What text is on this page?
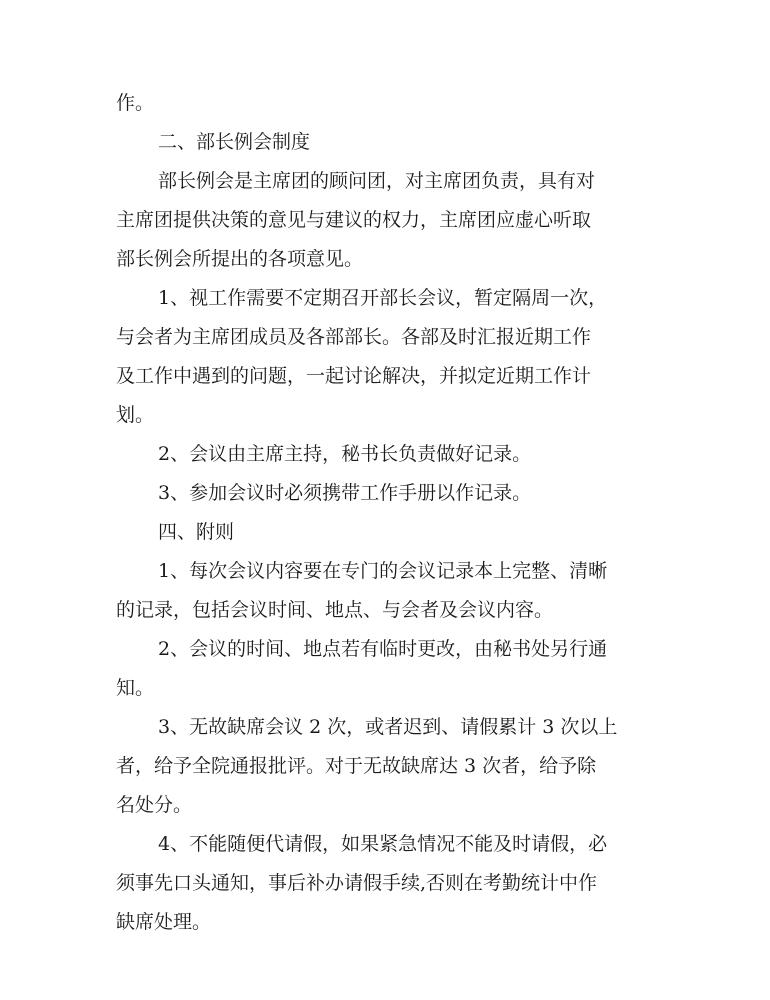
作。
二、部长例会制度
部长例会是主席团的顾问团，对主席团负责，具有对
主席团提供决策的意见与建议的权力，主席团应虚心听取
部长例会所提出的各项意见。
1、视工作需要不定期召开部长会议，暂定隔周一次，
与会者为主席团成员及各部部长。各部及时汇报近期工作
及工作中遇到的问题，一起讨论解决，并拟定近期工作计
划。
2、会议由主席主持，秘书长负责做好记录。
3、参加会议时必须携带工作手册以作记录。
四、附则
1、每次会议内容要在专门的会议记录本上完整、清晰
的记录，包括会议时间、地点、与会者及会议内容。
2、会议的时间、地点若有临时更改，由秘书处另行通
知。
3、无故缺席会议 2 次，或者迟到、请假累计 3 次以上
者，给予全院通报批评。对于无故缺席达 3 次者，给予除
名处分。
4、不能随便代请假，如果紧急情况不能及时请假，必
须事先口头通知，事后补办请假手续,否则在考勤统计中作
缺席处理。
